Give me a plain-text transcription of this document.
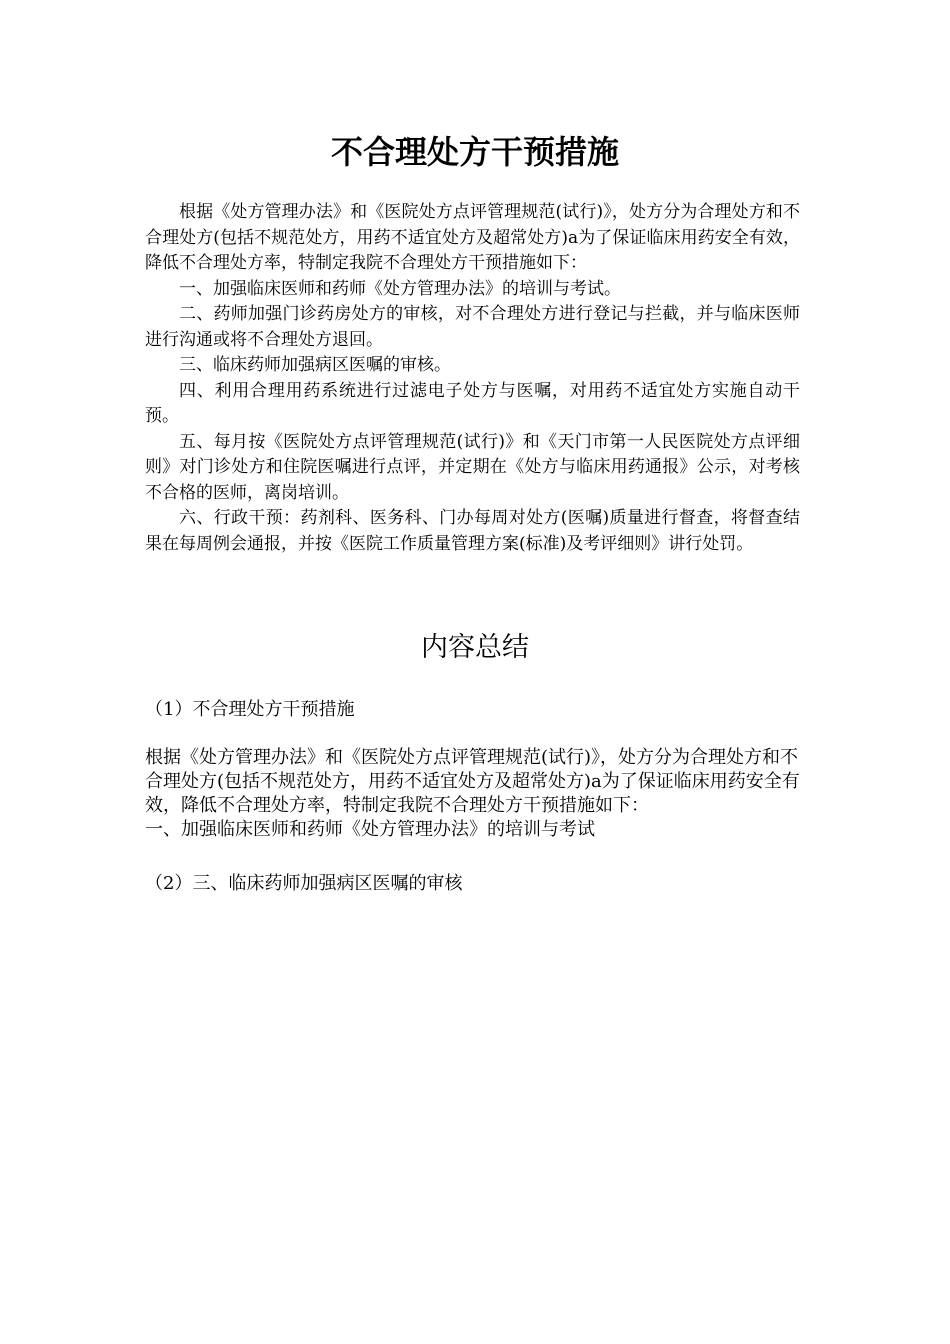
不合理处方干预措施

根据《处方管理办法》和《医院处方点评管理规范(试行)》，处方分为合理处方和不合理处方(包括不规范处方，用药不适宜处方及超常处方)a为了保证临床用药安全有效，降低不合理处方率，特制定我院不合理处方干预措施如下：

一、加强临床医师和药师《处方管理办法》的培训与考试。

二、药师加强门诊药房处方的审核，对不合理处方进行登记与拦截，并与临床医师进行沟通或将不合理处方退回。

三、临床药师加强病区医嘱的审核。

四、利用合理用药系统进行过滤电子处方与医嘱，对用药不适宜处方实施自动干预。

五、每月按《医院处方点评管理规范(试行)》和《天门市第一人民医院处方点评细则》对门诊处方和住院医嘱进行点评，并定期在《处方与临床用药通报》公示，对考核不合格的医师，离岗培训。

六、行政干预：药剂科、医务科、门办每周对处方(医嘱)质量进行督查，将督查结果在每周例会通报，并按《医院工作质量管理方案(标准)及考评细则》讲行处罚。

内容总结

（1）不合理处方干预措施

根据《处方管理办法》和《医院处方点评管理规范(试行)》，处方分为合理处方和不合理处方(包括不规范处方，用药不适宜处方及超常处方)a为了保证临床用药安全有效，降低不合理处方率，特制定我院不合理处方干预措施如下：

一、加强临床医师和药师《处方管理办法》的培训与考试

（2）三、临床药师加强病区医嘱的审核
